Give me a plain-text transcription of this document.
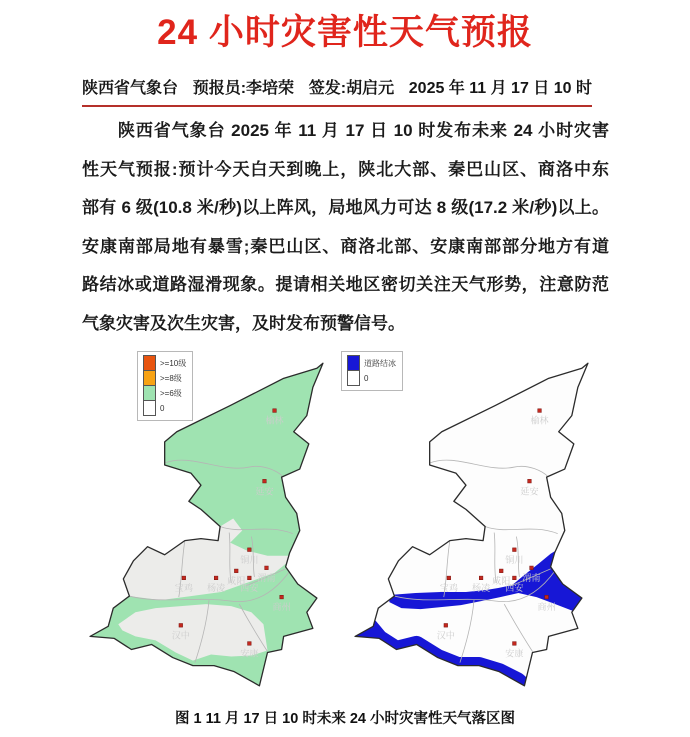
24 小时灾害性天气预报
陕西省气象台 预报员:李培荣 签发:胡启元 2025 年 11 月 17 日 10 时
　　陕西省气象台 2025 年 11 月 17 日 10 时发布未来 24 小时灾害
性天气预报:预计今天白天到晚上，陕北大部、秦巴山区、商洛中东
部有 6 级(10.8 米/秒)以上阵风，局地风力可达 8 级(17.2 米/秒)以上。
安康南部局地有暴雪;秦巴山区、商洛北部、安康南部部分地方有道
路结冰或道路湿滑现象。提请相关地区密切关注天气形势，注意防范
气象灾害及次生灾害，及时发布预警信号。
>=10级
>=8级
>=6级
0
道路结冰
0
榆林
延安
铜川
渭南
宝鸡 杨凌
咸阳
西安
商州
汉中
安康
榆林
延安
铜川
渭南
宝鸡 杨凌
咸阳
西安
商州
汉中
安康
图 1 11 月 17 日 10 时未来 24 小时灾害性天气落区图
